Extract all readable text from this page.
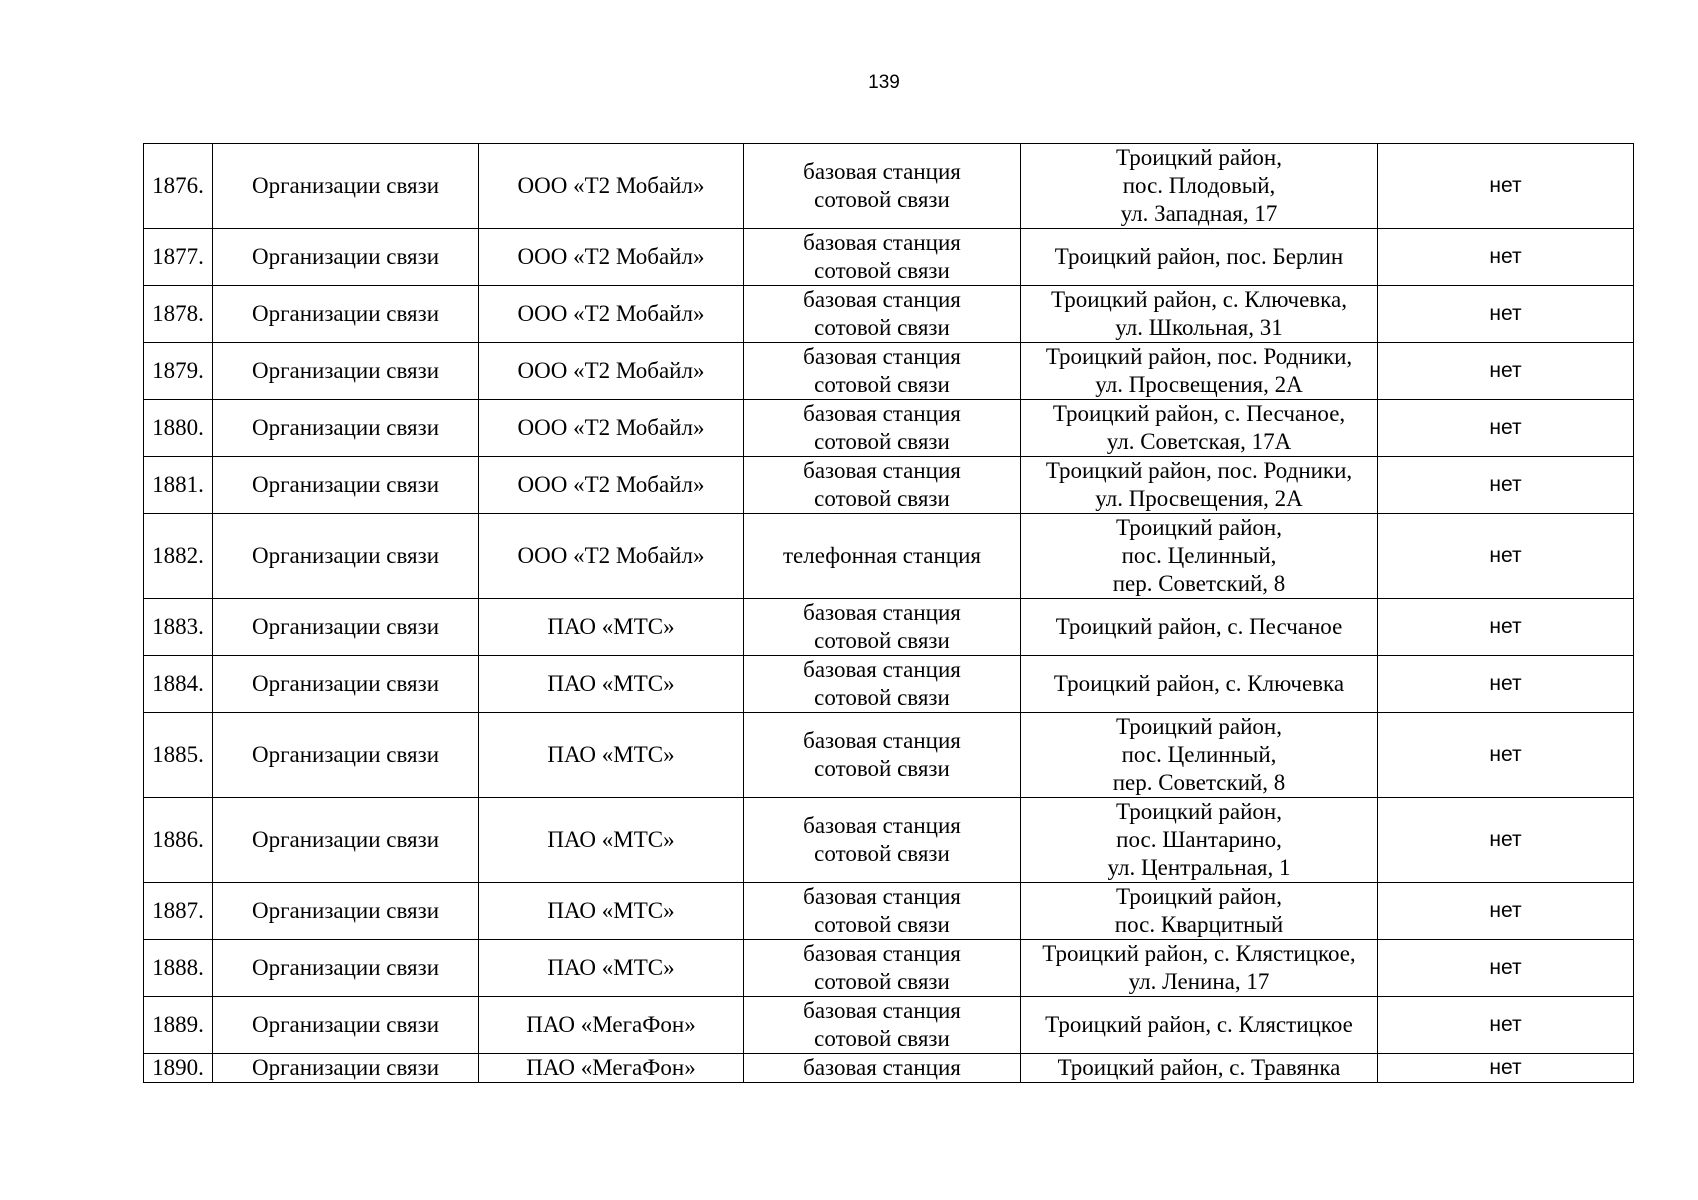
139
1876.	Организации связи	ООО «Т2 Мобайл»	базовая станция
сотовой связи	Троицкий район,
пос. Плодовый,
ул. Западная, 17	нет
1877.	Организации связи	ООО «Т2 Мобайл»	базовая станция
сотовой связи	Троицкий район, пос. Берлин	нет
1878.	Организации связи	ООО «Т2 Мобайл»	базовая станция
сотовой связи	Троицкий район, с. Ключевка,
ул. Школьная, 31	нет
1879.	Организации связи	ООО «Т2 Мобайл»	базовая станция
сотовой связи	Троицкий район, пос. Родники,
ул. Просвещения, 2А	нет
1880.	Организации связи	ООО «Т2 Мобайл»	базовая станция
сотовой связи	Троицкий район, с. Песчаное,
ул. Советская, 17А	нет
1881.	Организации связи	ООО «Т2 Мобайл»	базовая станция
сотовой связи	Троицкий район, пос. Родники,
ул. Просвещения, 2А	нет
1882.	Организации связи	ООО «Т2 Мобайл»	телефонная станция	Троицкий район,
пос. Целинный,
пер. Советский, 8	нет
1883.	Организации связи	ПАО «МТС»	базовая станция
сотовой связи	Троицкий район, с. Песчаное	нет
1884.	Организации связи	ПАО «МТС»	базовая станция
сотовой связи	Троицкий район, с. Ключевка	нет
1885.	Организации связи	ПАО «МТС»	базовая станция
сотовой связи	Троицкий район,
пос. Целинный,
пер. Советский, 8	нет
1886.	Организации связи	ПАО «МТС»	базовая станция
сотовой связи	Троицкий район,
пос. Шантарино,
ул. Центральная, 1	нет
1887.	Организации связи	ПАО «МТС»	базовая станция
сотовой связи	Троицкий район,
пос. Кварцитный	нет
1888.	Организации связи	ПАО «МТС»	базовая станция
сотовой связи	Троицкий район, с. Клястицкое,
ул. Ленина, 17	нет
1889.	Организации связи	ПАО «МегаФон»	базовая станция
сотовой связи	Троицкий район, с. Клястицкое	нет
1890.	Организации связи	ПАО «МегаФон»	базовая станция	Троицкий район, с. Травянка	нет
